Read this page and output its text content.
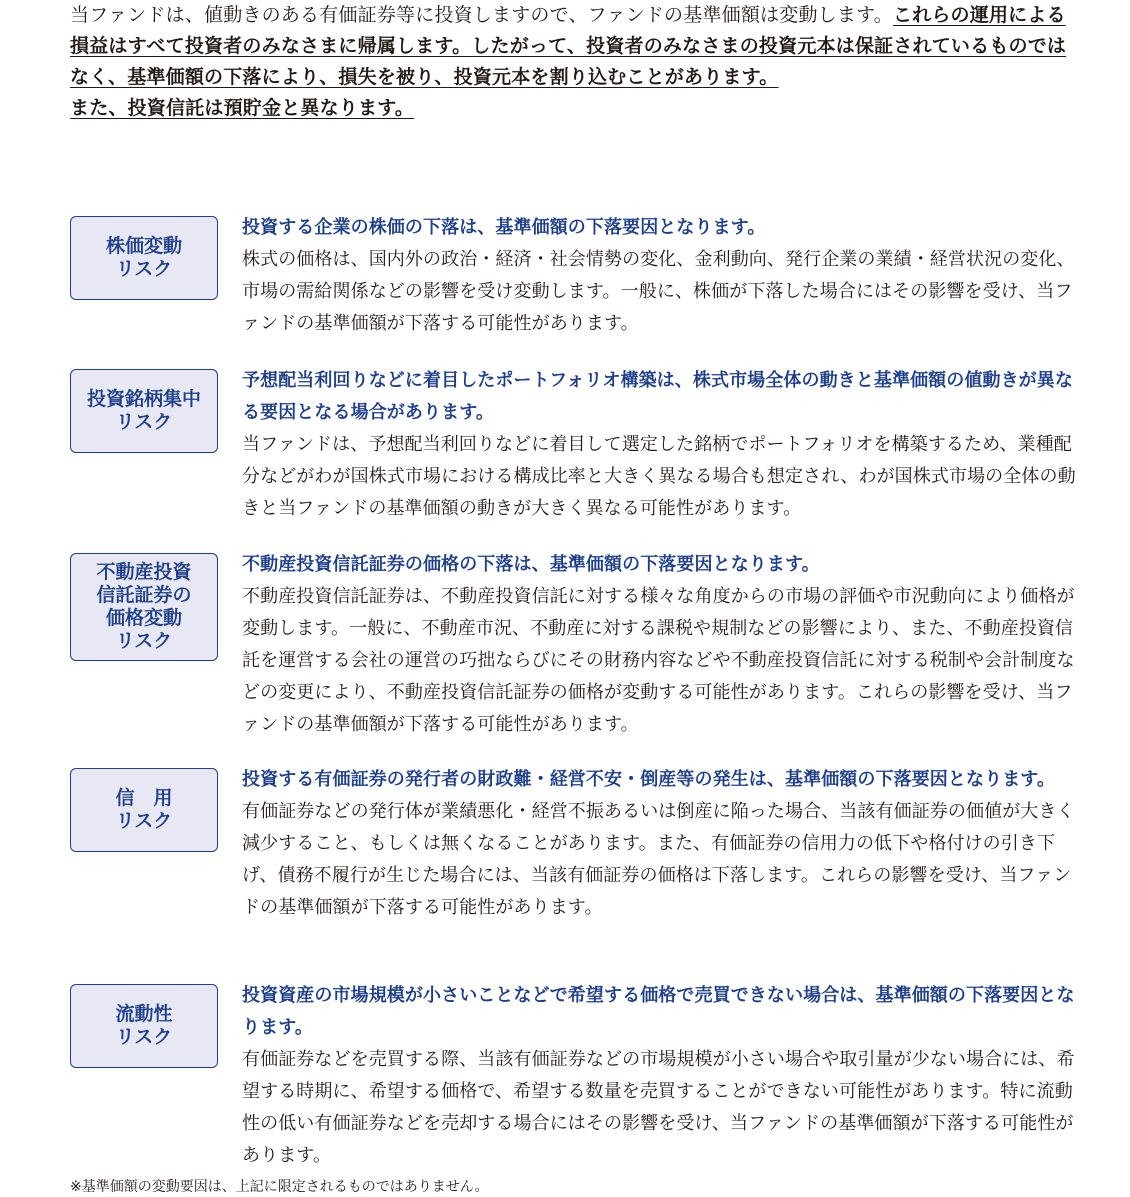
当ファンドは、値動きのある有価証券等に投資しますので、ファンドの基準価額は変動します。これらの運用による損益はすべて投資者のみなさまに帰属します。したがって、投資者のみなさまの投資元本は保証されているものではなく、基準価額の下落により、損失を被り、投資元本を割り込むことがあります。
また、投資信託は預貯金と異なります。
株価変動
リスク
投資する企業の株価の下落は、基準価額の下落要因となります。
株式の価格は、国内外の政治・経済・社会情勢の変化、金利動向、発行企業の業績・経営状況の変化、市場の需給関係などの影響を受け変動します。一般に、株価が下落した場合にはその影響を受け、当ファンドの基準価額が下落する可能性があります。
投資銘柄集中
リスク
予想配当利回りなどに着目したポートフォリオ構築は、株式市場全体の動きと基準価額の値動きが異なる要因となる場合があります。
当ファンドは、予想配当利回りなどに着目して選定した銘柄でポートフォリオを構築するため、業種配分などがわが国株式市場における構成比率と大きく異なる場合も想定され、わが国株式市場の全体の動きと当ファンドの基準価額の動きが大きく異なる可能性があります。
不動産投資
信託証券の
価格変動
リスク
不動産投資信託証券の価格の下落は、基準価額の下落要因となります。
不動産投資信託証券は、不動産投資信託に対する様々な角度からの市場の評価や市況動向により価格が変動します。一般に、不動産市況、不動産に対する課税や規制などの影響により、また、不動産投資信託を運営する会社の運営の巧拙ならびにその財務内容などや不動産投資信託に対する税制や会計制度などの変更により、不動産投資信託証券の価格が変動する可能性があります。これらの影響を受け、当ファンドの基準価額が下落する可能性があります。
信　用
リスク
投資する有価証券の発行者の財政難・経営不安・倒産等の発生は、基準価額の下落要因となります。
有価証券などの発行体が業績悪化・経営不振あるいは倒産に陥った場合、当該有価証券の価値が大きく減少すること、もしくは無くなることがあります。また、有価証券の信用力の低下や格付けの引き下げ、債務不履行が生じた場合には、当該有価証券の価格は下落します。これらの影響を受け、当ファンドの基準価額が下落する可能性があります。
流動性
リスク
投資資産の市場規模が小さいことなどで希望する価格で売買できない場合は、基準価額の下落要因となります。
有価証券などを売買する際、当該有価証券などの市場規模が小さい場合や取引量が少ない場合には、希望する時期に、希望する価格で、希望する数量を売買することができない可能性があります。特に流動性の低い有価証券などを売却する場合にはその影響を受け、当ファンドの基準価額が下落する可能性があります。
※基準価額の変動要因は、上記に限定されるものではありません。
